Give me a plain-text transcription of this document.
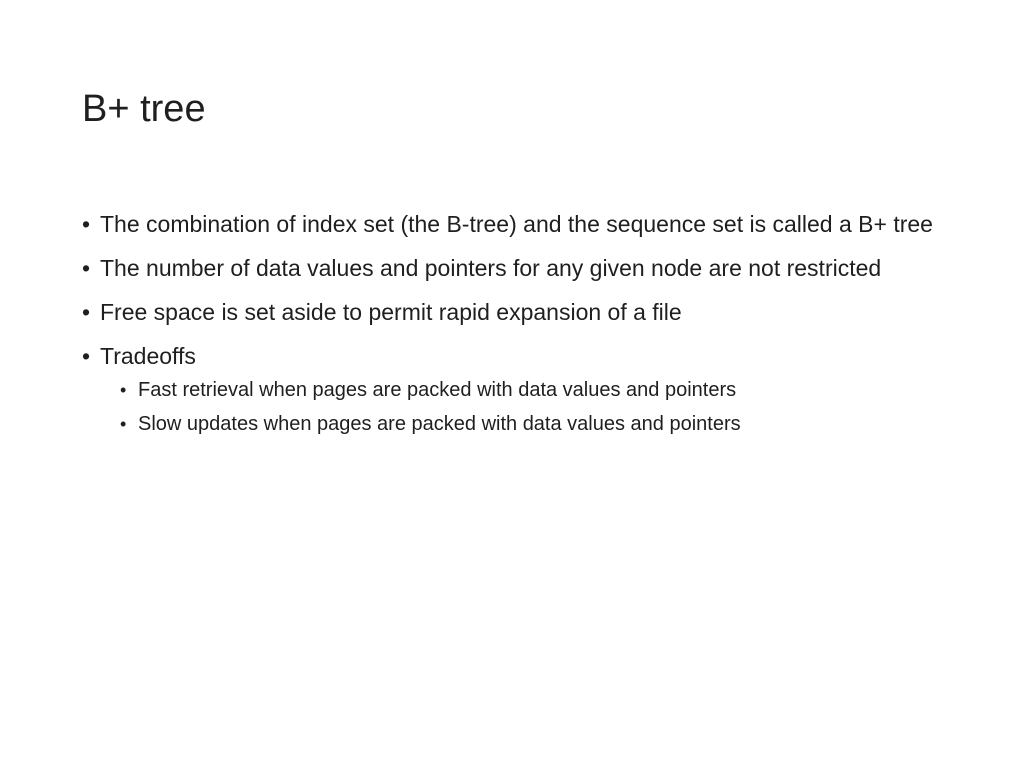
B+ tree
• The combination of index set (the B-tree) and the sequence set is called a B+ tree
• The number of data values and pointers for any given node are not restricted
• Free space is set aside to permit rapid expansion of a file
• Tradeoffs
• Fast retrieval when pages are packed with data values and pointers
• Slow updates when pages are packed with data values and pointers
